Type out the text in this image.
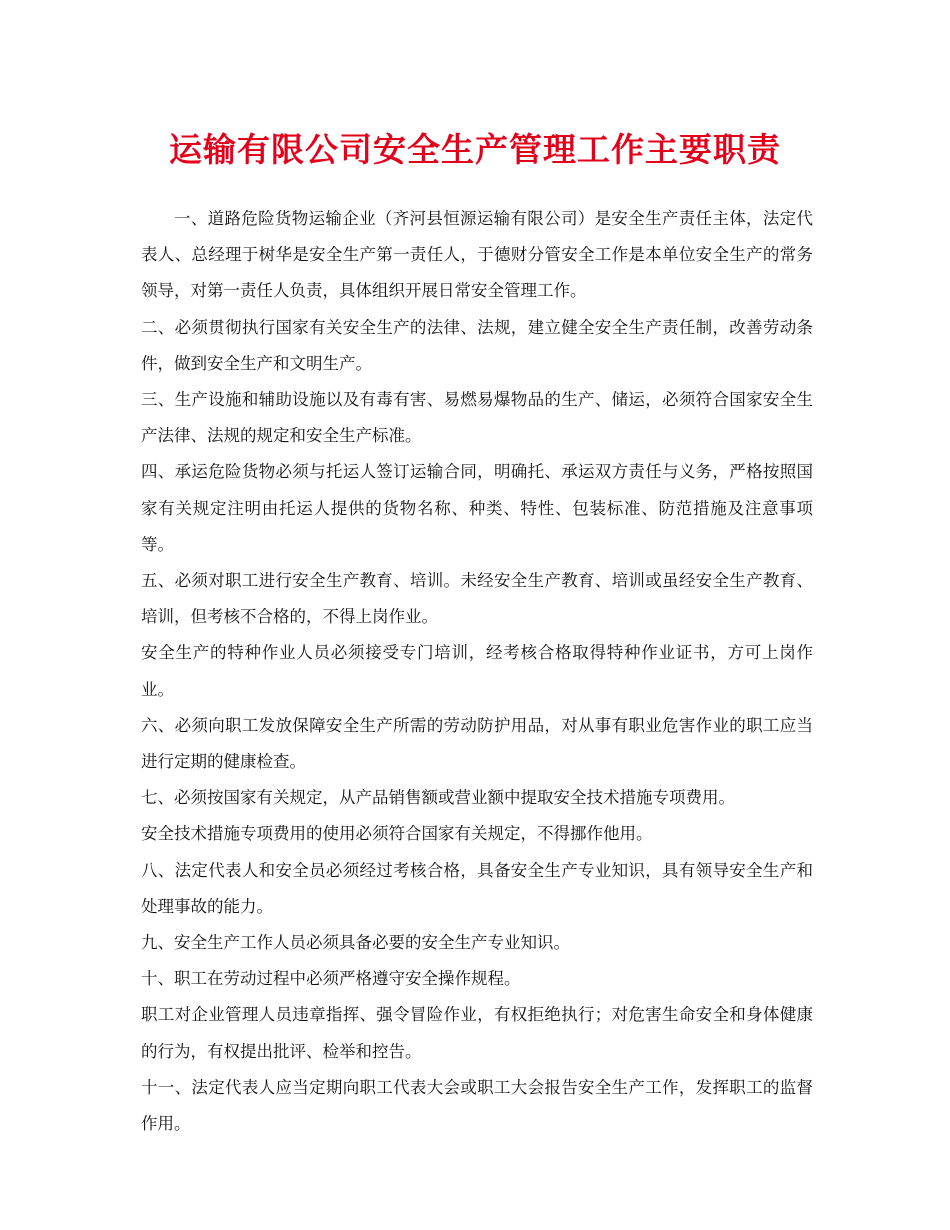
运输有限公司安全生产管理工作主要职责

一、道路危险货物运输企业（齐河县恒源运输有限公司）是安全生产责任主体，法定代表人、总经理于树华是安全生产第一责任人，于德财分管安全工作是本单位安全生产的常务领导，对第一责任人负责，具体组织开展日常安全管理工作。

二、必须贯彻执行国家有关安全生产的法律、法规，建立健全安全生产责任制，改善劳动条件，做到安全生产和文明生产。

三、生产设施和辅助设施以及有毒有害、易燃易爆物品的生产、储运，必须符合国家安全生产法律、法规的规定和安全生产标准。

四、承运危险货物必须与托运人签订运输合同，明确托、承运双方责任与义务，严格按照国家有关规定注明由托运人提供的货物名称、种类、特性、包装标准、防范措施及注意事项等。

五、必须对职工进行安全生产教育、培训。未经安全生产教育、培训或虽经安全生产教育、培训，但考核不合格的，不得上岗作业。

安全生产的特种作业人员必须接受专门培训，经考核合格取得特种作业证书，方可上岗作业。

六、必须向职工发放保障安全生产所需的劳动防护用品，对从事有职业危害作业的职工应当进行定期的健康检查。

七、必须按国家有关规定，从产品销售额或营业额中提取安全技术措施专项费用。

安全技术措施专项费用的使用必须符合国家有关规定，不得挪作他用。

八、法定代表人和安全员必须经过考核合格，具备安全生产专业知识，具有领导安全生产和处理事故的能力。

九、安全生产工作人员必须具备必要的安全生产专业知识。

十、职工在劳动过程中必须严格遵守安全操作规程。

职工对企业管理人员违章指挥、强令冒险作业，有权拒绝执行；对危害生命安全和身体健康的行为，有权提出批评、检举和控告。

十一、法定代表人应当定期向职工代表大会或职工大会报告安全生产工作，发挥职工的监督作用。
